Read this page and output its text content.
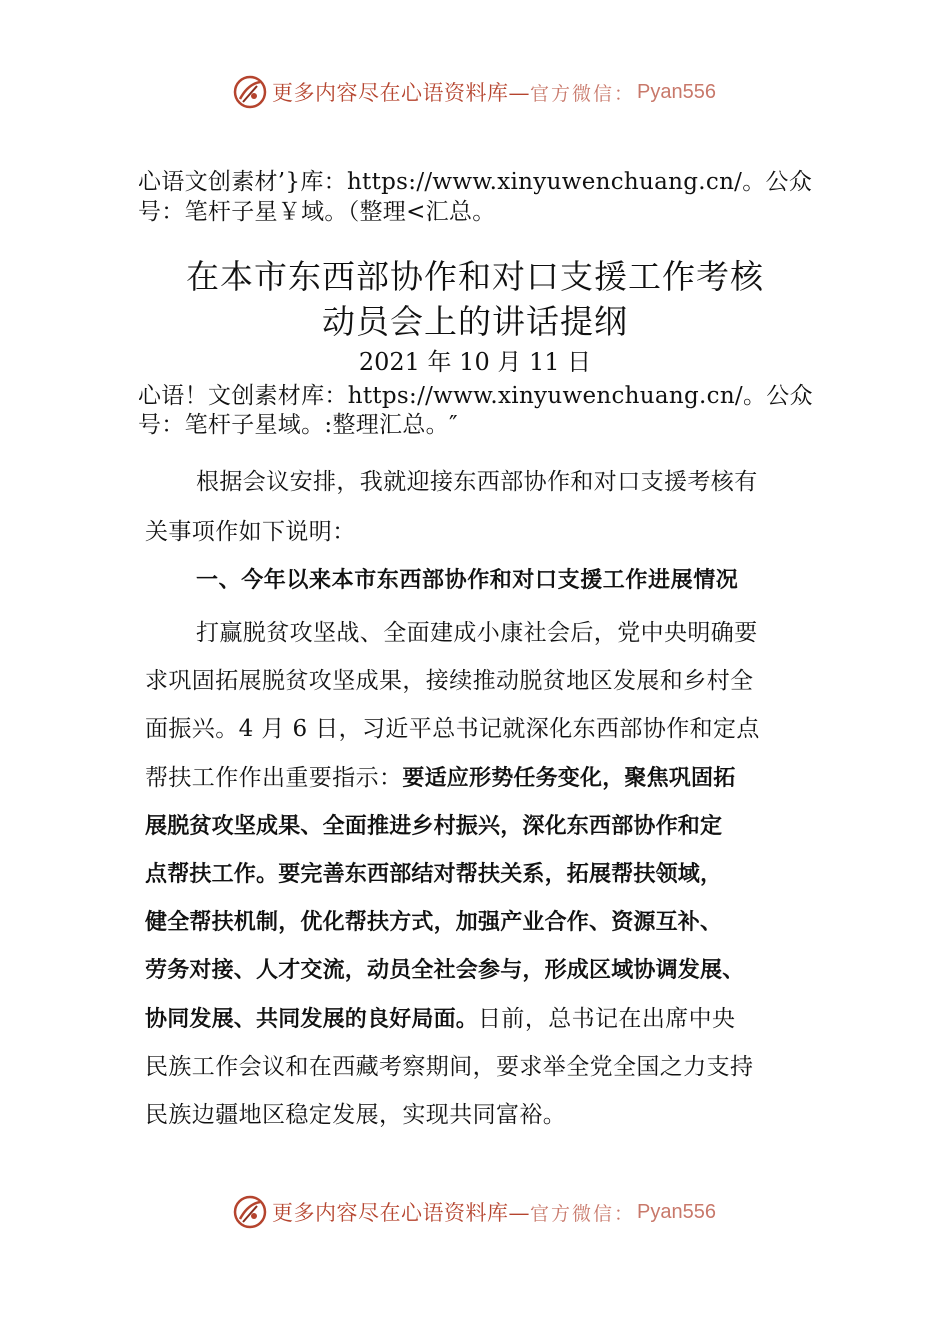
更多内容尽在心语资料库— 官方微信： Pyan556
心语文创素材’}库：https://www.xinyuwenchuang.cn/。公众
号：笔杆子星￥域。（整理<汇总。
在本市东西部协作和对口支援工作考核
动员会上的讲话提纲
2021 年 10 月 11 日
心语！文创素材库：https://www.xinyuwenchuang.cn/。公众
号：笔杆子星域。:整理汇总。″
根据会议安排，我就迎接东西部协作和对口支援考核有
关事项作如下说明：
一、今年以来本市东西部协作和对口支援工作进展情况
打赢脱贫攻坚战、全面建成小康社会后，党中央明确要
求巩固拓展脱贫攻坚成果，接续推动脱贫地区发展和乡村全
面振兴。4 月 6 日，习近平总书记就深化东西部协作和定点
帮扶工作作出重要指示：要适应形势任务变化，聚焦巩固拓
展脱贫攻坚成果、全面推进乡村振兴，深化东西部协作和定
点帮扶工作。要完善东西部结对帮扶关系，拓展帮扶领域，
健全帮扶机制，优化帮扶方式，加强产业合作、资源互补、
劳务对接、人才交流，动员全社会参与，形成区域协调发展、
协同发展、共同发展的良好局面。日前，总书记在出席中央
民族工作会议和在西藏考察期间，要求举全党全国之力支持
民族边疆地区稳定发展，实现共同富裕。
更多内容尽在心语资料库— 官方微信： Pyan556
